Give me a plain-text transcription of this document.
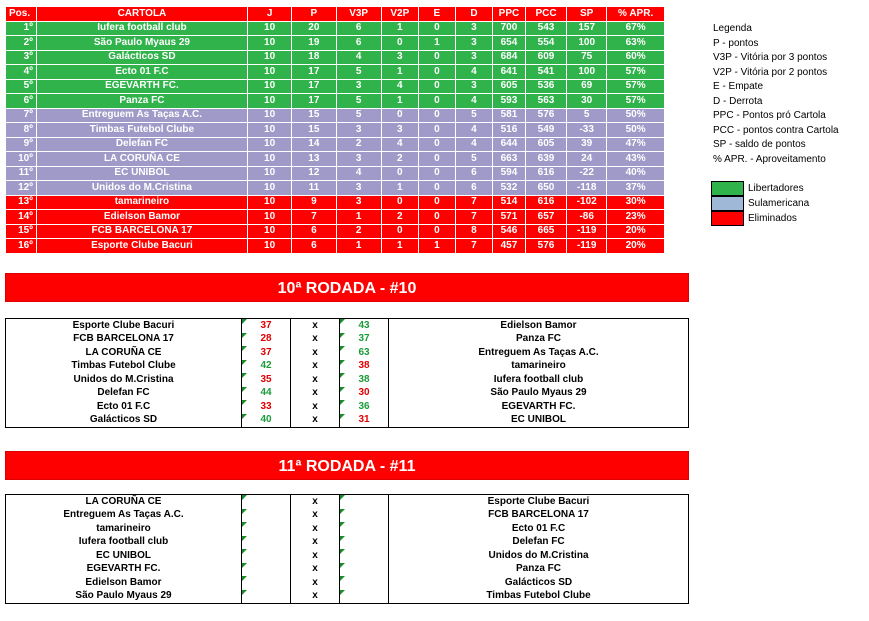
Pos.	CARTOLA	J	P	V3P	V2P	E	D	PPC	PCC	SP	% APR.
1º	Iufera football club	10	20	6	1	0	3	700	543	157	67%
2º	São Paulo Myaus 29	10	19	6	0	1	3	654	554	100	63%
3º	Galácticos SD	10	18	4	3	0	3	684	609	75	60%
4º	Ecto 01 F.C	10	17	5	1	0	4	641	541	100	57%
5º	EGEVARTH FC.	10	17	3	4	0	3	605	536	69	57%
6º	Panza FC	10	17	5	1	0	4	593	563	30	57%
7º	Entreguem As Taças A.C.	10	15	5	0	0	5	581	576	5	50%
8º	Timbas Futebol Clube	10	15	3	3	0	4	516	549	-33	50%
9º	Delefan FC	10	14	2	4	0	4	644	605	39	47%
10º	LA CORUÑA CE	10	13	3	2	0	5	663	639	24	43%
11º	EC UNIBOL	10	12	4	0	0	6	594	616	-22	40%
12º	Unidos do M.Cristina	10	11	3	1	0	6	532	650	-118	37%
13º	tamarineiro	10	9	3	0	0	7	514	616	-102	30%
14º	Edielson Bamor	10	7	1	2	0	7	571	657	-86	23%
15º	FCB BARCELONA 17	10	6	2	0	0	8	546	665	-119	20%
16º	Esporte Clube Bacuri	10	6	1	1	1	7	457	576	-119	20%
Legenda
P - pontos
V3P - Vitória por 3 pontos
V2P - Vitória por 2 pontos
E - Empate
D - Derrota
PPC - Pontos pró Cartola
PCC - pontos contra Cartola
SP - saldo de pontos
% APR. - Aproveitamento
Libertadores
Sulamericana
Eliminados
10ª RODADA - #10
Esporte Clube Bacuri	37	x	43	Edielson Bamor
FCB BARCELONA 17	28	x	37	Panza FC
LA CORUÑA CE	37	x	63	Entreguem As Taças A.C.
Timbas Futebol Clube	42	x	38	tamarineiro
Unidos do M.Cristina	35	x	38	Iufera football club
Delefan FC	44	x	30	São Paulo Myaus 29
Ecto 01 F.C	33	x	36	EGEVARTH FC.
Galácticos SD	40	x	31	EC UNIBOL
11ª RODADA - #11
LA CORUÑA CE		x		Esporte Clube Bacuri
Entreguem As Taças A.C.		x		FCB BARCELONA 17
tamarineiro		x		Ecto 01 F.C
Iufera football club		x		Delefan FC
EC UNIBOL		x		Unidos do M.Cristina
EGEVARTH FC.		x		Panza FC
Edielson Bamor		x		Galácticos SD
São Paulo Myaus 29		x		Timbas Futebol Clube
